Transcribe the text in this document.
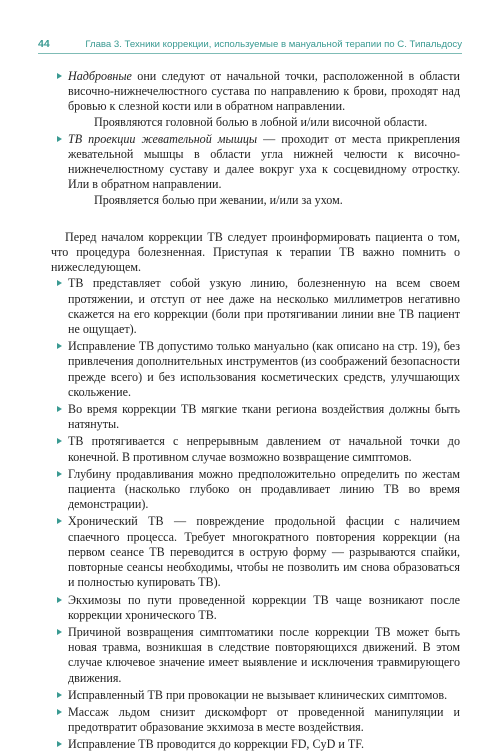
44	Глава 3. Техники коррекции, используемые в мануальной терапии по С. Типальдосу
Надбровные они следуют от начальной точки, расположенной в области височно-нижнечелюстного сустава по направлению к брови, проходят над бровью к слезной кости или в обратном направлении.
Проявляются головной болью в лобной и/или височной области.
ТВ проекции жевательной мышцы — проходит от места прикрепления жевательной мышцы в области угла нижней челюсти к височно-нижнечелюстному суставу и далее вокруг уха к сосцевидному отростку. Или в обратном направлении.
Проявляется болью при жевании, и/или за ухом.
Перед началом коррекции ТВ следует проинформировать пациента о том, что процедура болезненная. Приступая к терапии ТВ важно помнить о нижеследующем.
ТВ представляет собой узкую линию, болезненную на всем своем протяжении, и отступ от нее даже на несколько миллиметров негативно скажется на его коррекции (боли при протягивании линии вне ТВ пациент не ощущает).
Исправление ТВ допустимо только мануально (как описано на стр. 19), без привлечения дополнительных инструментов (из соображений безопасности прежде всего) и без использования косметических средств, улучшающих скольжение.
Во время коррекции ТВ мягкие ткани региона воздействия должны быть натянуты.
ТВ протягивается с непрерывным давлением от начальной точки до конечной. В противном случае возможно возвращение симптомов.
Глубину продавливания можно предположительно определить по жестам пациента (насколько глубоко он продавливает линию ТВ во время демонстрации).
Хронический ТВ — повреждение продольной фасции с наличием спаечного процесса. Требует многократного повторения коррекции (на первом сеансе ТВ переводится в острую форму — разрываются спайки, повторные сеансы необходимы, чтобы не позволить им снова образоваться и полностью купировать ТВ).
Экхимозы по пути проведенной коррекции ТВ чаще возникают после коррекции хронического ТВ.
Причиной возвращения симптоматики после коррекции ТВ может быть новая травма, возникшая в следствие повторяющихся движений. В этом случае ключевое значение имеет выявление и исключения травмирующего движения.
Исправленный ТВ при провокации не вызывает клинических симптомов.
Массаж льдом снизит дискомфорт от проведенной манипуляции и предотвратит образование экхимоза в месте воздействия.
Исправление ТВ проводится до коррекции FD, CyD и TF.
